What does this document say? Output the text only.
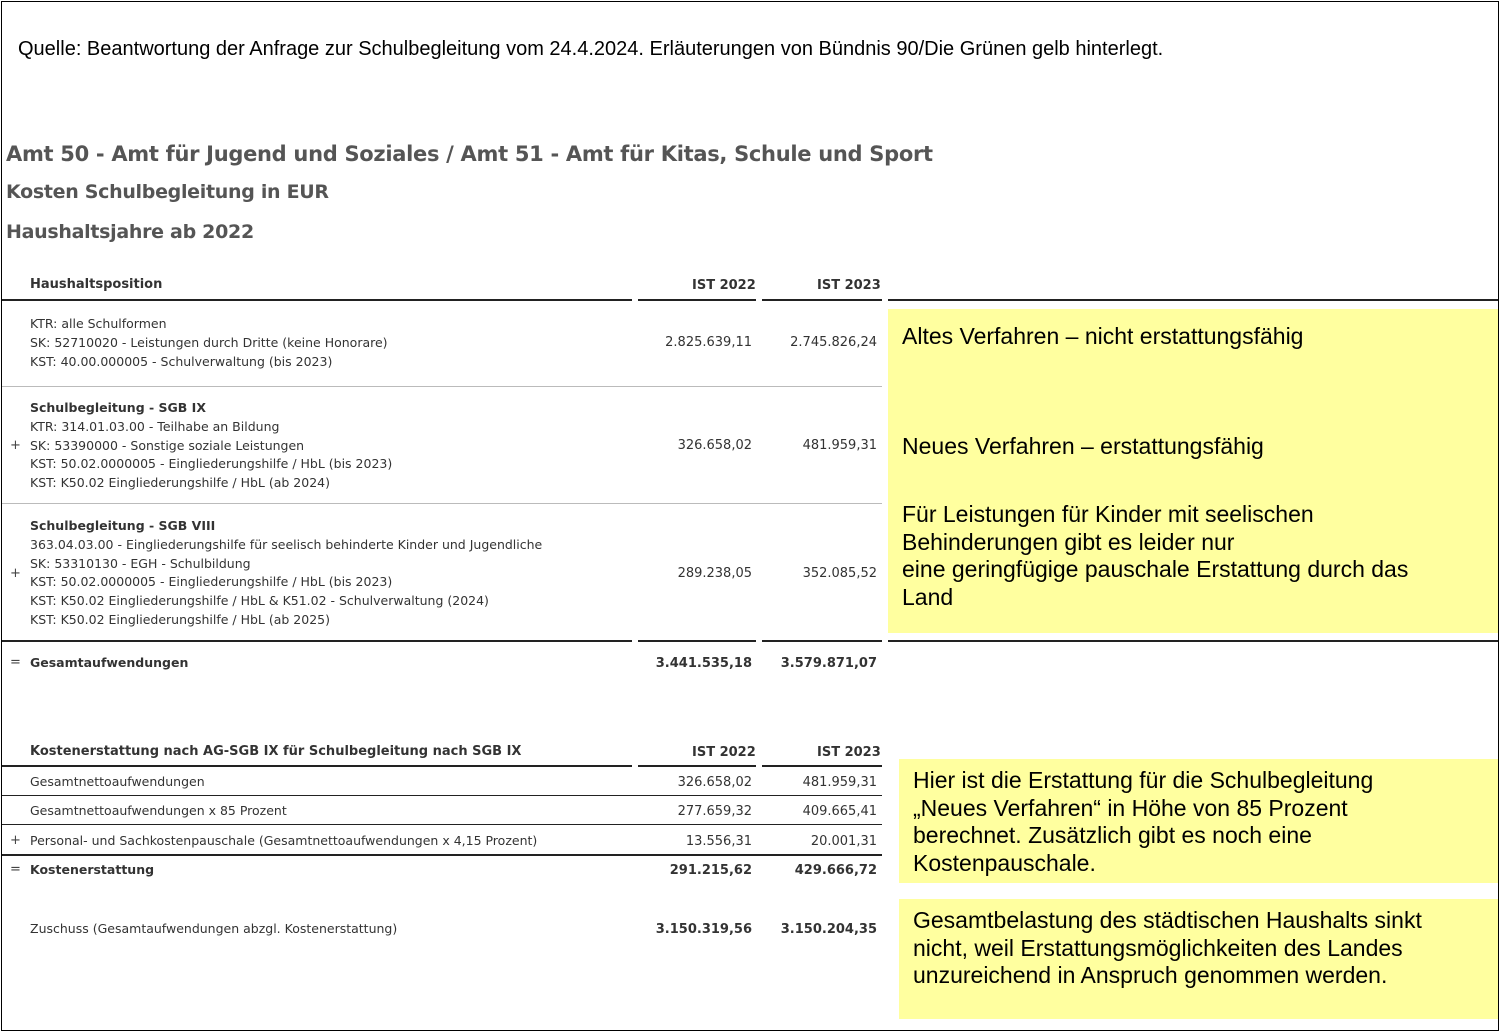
Quelle: Beantwortung der Anfrage zur Schulbegleitung vom 24.4.2024. Erläuterungen von Bündnis 90/Die Grünen gelb hinterlegt.
Amt 50 - Amt für Jugend und Soziales / Amt 51 - Amt für Kitas, Schule und Sport
Kosten Schulbegleitung in EUR
Haushaltsjahre ab 2022
Haushaltsposition	IST 2022	IST 2023
KTR: alle Schulformen
SK: 52710020 - Leistungen durch Dritte (keine Honorare)
KST: 40.00.000005 - Schulverwaltung (bis 2023)
2.825.639,11	2.745.826,24
+
Schulbegleitung - SGB IX
KTR: 314.01.03.00 - Teilhabe an Bildung
SK: 53390000 - Sonstige soziale Leistungen
KST: 50.02.0000005 - Eingliederungshilfe / HbL (bis 2023)
KST: K50.02 Eingliederungshilfe / HbL (ab 2024)
326.658,02	481.959,31
+
Schulbegleitung - SGB VIII
363.04.03.00 - Eingliederungshilfe für seelisch behinderte Kinder und Jugendliche
SK: 53310130 - EGH - Schulbildung
KST: 50.02.0000005 - Eingliederungshilfe / HbL (bis 2023)
KST: K50.02 Eingliederungshilfe / HbL & K51.02 - Schulverwaltung (2024)
KST: K50.02 Eingliederungshilfe / HbL (ab 2025)
289.238,05	352.085,52
= Gesamtaufwendungen	3.441.535,18	3.579.871,07
Kostenerstattung nach AG-SGB IX für Schulbegleitung nach SGB IX	IST 2022	IST 2023
Gesamtnettoaufwendungen	326.658,02	481.959,31
Gesamtnettoaufwendungen x 85 Prozent	277.659,32	409.665,41
+ Personal- und Sachkostenpauschale (Gesamtnettoaufwendungen x 4,15 Prozent)	13.556,31	20.001,31
= Kostenerstattung	291.215,62	429.666,72
Zuschuss (Gesamtaufwendungen abzgl. Kostenerstattung)	3.150.319,56	3.150.204,35
Altes Verfahren – nicht erstattungsfähig
Neues Verfahren – erstattungsfähig
Für Leistungen für Kinder mit seelischen
Behinderungen gibt es leider nur
eine geringfügige pauschale Erstattung durch das
Land
Hier ist die Erstattung für die Schulbegleitung
„Neues Verfahren“ in Höhe von 85 Prozent
berechnet. Zusätzlich gibt es noch eine
Kostenpauschale.
Gesamtbelastung des städtischen Haushalts sinkt
nicht, weil Erstattungsmöglichkeiten des Landes
unzureichend in Anspruch genommen werden.
